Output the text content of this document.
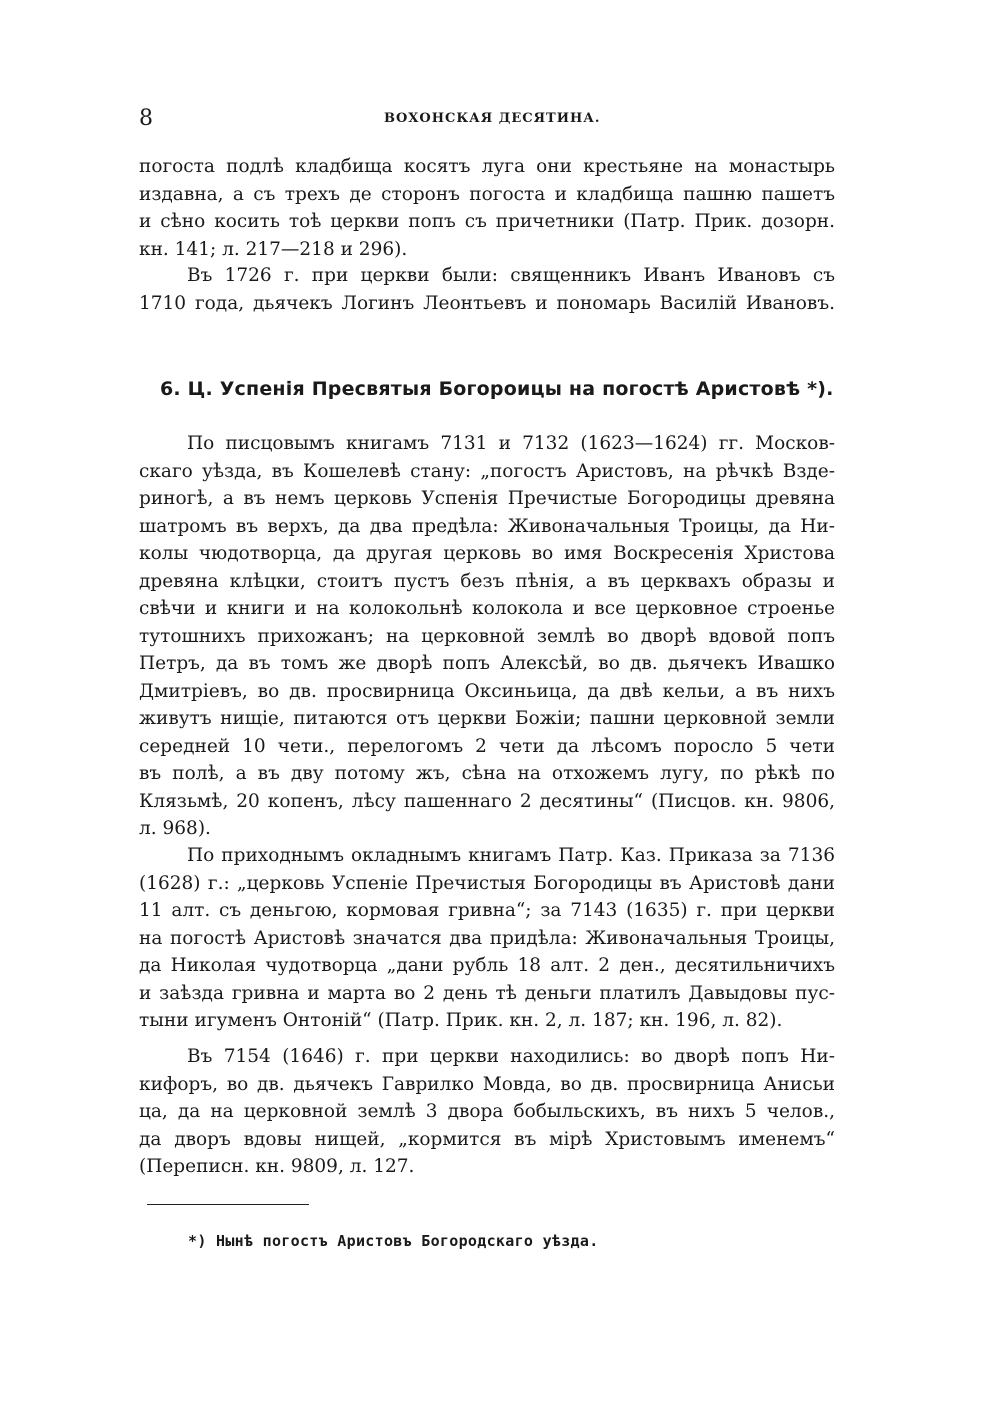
8	ВОХОНСКАЯ ДЕСЯТИНА.
погоста подлѣ кладбища косятъ луга они крестьяне на монастырь
издавна, а съ трехъ де сторонъ погоста и кладбища пашню пашетъ
и сѣно косить тоѣ церкви попъ съ причетники (Патр. Прик. дозорн.
кн. 141; л. 217—218 и 296).
Въ 1726 г. при церкви были: священникъ Иванъ Ивановъ съ
1710 года, дьячекъ Логинъ Леонтьевъ и пономарь Василій Ивановъ.
6. Ц. Успенія Пресвятыя Богороицы на погостѣ Аристовѣ *).
По писцовымъ книгамъ 7131 и 7132 (1623—1624) гг. Москов-
скаго уѣзда, въ Кошелевѣ стану: „погостъ Аристовъ, на рѣчкѣ Вздe-
риногѣ, а въ немъ церковь Успенія Пречистые Богородицы древяна
шатромъ въ верхъ, да два предѣла: Живоначальныя Троицы, да Ни-
колы чюдотворца, да другая церковь во имя Воскресенія Христова
древяна клѣцки, стоитъ пустъ безъ пѣнія, а въ церквахъ образы и
свѣчи и книги и на колокольнѣ колокола и все церковное строенье
тутошнихъ прихожанъ; на церковной землѣ во дворѣ вдовой попъ
Петръ, да въ томъ же дворѣ попъ Алексѣй, во дв. дьячекъ Ивашко
Дмитріевъ, во дв. просвирница Оксиньица, да двѣ кельи, а въ нихъ
живутъ нищіе, питаются отъ церкви Божіи; пашни церковной земли
середней 10 чети., перелогомъ 2 чети да лѣсомъ поросло 5 чети
въ полѣ, а въ дву потому жъ, сѣна на отхожемъ лугу, по рѣкѣ по
Клязьмѣ, 20 копенъ, лѣсу пашеннаго 2 десятины“ (Писцов. кн. 9806,
л. 968).
По приходнымъ окладнымъ книгамъ Патр. Каз. Приказа за 7136
(1628) г.: „церковь Успеніе Пречистыя Богородицы въ Аристовѣ дани
11 алт. съ деньгою, кормовая гривна“; за 7143 (1635) г. при церкви
на погостѣ Аристовѣ значатся два придѣла: Живоначальныя Троицы,
да Николая чудотворца „дани рубль 18 алт. 2 ден., десятильничихъ
и заѣзда гривна и марта во 2 день тѣ деньги платилъ Давыдовы пус-
тыни игуменъ Онтоній“ (Патр. Прик. кн. 2, л. 187; кн. 196, л. 82).
Въ 7154 (1646) г. при церкви находились: во дворѣ попъ Ни-
кифоръ, во дв. дьячекъ Гаврилко Мовда, во дв. просвирница Анисьи
ца, да на церковной землѣ 3 двора бобыльскихъ, въ нихъ 5 челов.,
да дворъ вдовы нищей, „кормится въ мірѣ Христовымъ именемъ“
(Переписн. кн. 9809, л. 127.
*) Нынѣ погостъ Аристовъ Богородскаго уѣзда.
